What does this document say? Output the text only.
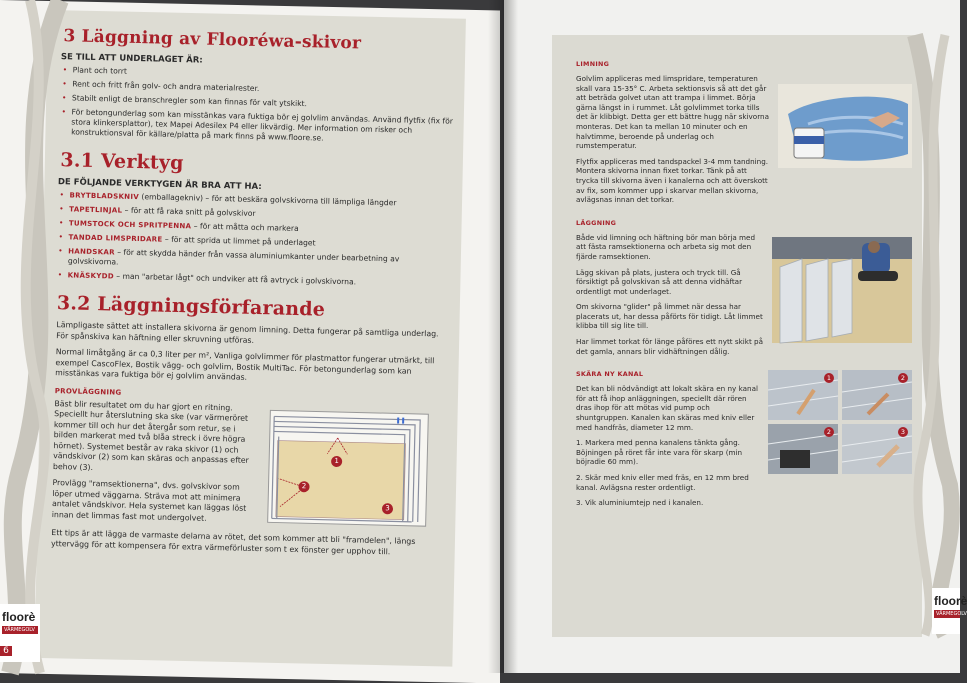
3 Läggning av Flooréwa-skivor
SE TILL ATT UNDERLAGET ÄR:
• Plant och torrt
• Rent och fritt från golv- och andra materialrester.
• Stabilt enligt de branschregler som kan finnas för valt ytskikt.
• För betongunderlag som kan misstänkas vara fuktiga bör ej golvlim användas. Använd flytfix (fix för stora klinkersplattor), tex Mapei Adesilex P4 eller likvärdig. Mer information om risker och konstruktionsval för källare/platta på mark finns på www.floore.se.
3.1 Verktyg
DE FÖLJANDE VERKTYGEN ÄR BRA ATT HA:
• BRYTBLADSKNIV (emballagekniv) – för att beskära golvskivorna till lämpliga längder
• TAPETLINJAL – för att få raka snitt på golvskivor
• TUMSTOCK OCH SPRITPENNA – för att måtta och markera
• TANDAD LIMSPRIDARE – för att sprida ut limmet på underlaget
• HANDSKAR – för att skydda händer från vassa aluminiumkanter under bearbetning av golvskivorna.
• KNÄSKYDD – man "arbetar lågt" och undviker att få avtryck i golvskivorna.
3.2 Läggningsförfarande
Lämpligaste sättet att installera skivorna är genom limning. Detta fungerar på samtliga underlag. För spånskiva kan häftning eller skruvning utföras.
Normal limåtgång är ca 0,3 liter per m², Vanliga golvlimmer för plastmattor fungerar utmärkt, till exempel CascoFlex, Bostik vägg- och golvlim, Bostik MultiTac. För betongunderlag som kan misstänkas vara fuktiga bör ej golvlim användas.
PROVLÄGGNING

Bäst blir resultatet om du har gjort en ritning. Speciellt hur återslutning ska ske (var värmeröret kommer till och hur det återgår som retur, se i bilden markerat med två blåa streck i övre högra hörnet). Systemet består av raka skivor (1) och vändskivor (2) som kan skäras och anpassas efter behov (3).

Provlägg "ramsektionerna", dvs. golvskivor som löper utmed väggarna. Sträva mot att minimera antalet vändskivor. Hela systemet kan läggas löst innan det limmas fast mot undergolvet.

1
2
3
Ett tips är att lägga de varmaste delarna av rötet, det som kommer att bli "framdelen", längs yttervägg för att kompensera för extra värmeförluster som t ex fönster ger upphov till.
floorè
VÄRMEGOLV
6
LIMNING

Golvlim appliceras med limspridare, temperaturen skall vara 15-35° C. Arbeta sektionsvis så att det går att beträda golvet utan att trampa i limmet. Börja gärna längst in i rummet. Låt golvlimmet torka tills det är klibbigt. Detta ger ett bättre hugg när skivorna monteras. Det kan ta mellan 10 minuter och en halvtimme, beroende på underlag och rumstemperatur.

Flytfix appliceras med tandspackel 3-4 mm tandning. Montera skivorna innan fixet torkar. Tänk på att trycka till skivorna även i kanalerna och att överskott av fix, som kommer upp i skarvar mellan skivorna, avlägsnas innan det torkar.

LÄGGNING

Både vid limning och häftning bör man börja med att fästa ramsektionerna och arbeta sig mot den fjärde ramsektionen.

Lägg skivan på plats, justera och tryck till. Gå försiktigt på golvskivan så att denna vidhäftar ordentligt mot underlaget.

Om skivorna "glider" på limmet när dessa har placerats ut, har dessa påförts för tidigt. Låt limmet klibba till sig lite till.

Har limmet torkat för länge påföres ett nytt skikt på det gamla, annars blir vidhäftningen dålig.

SKÄRA NY KANAL

Det kan bli nödvändigt att lokalt skära en ny kanal för att få ihop anläggningen, speciellt där rören dras ihop för att mötas vid pump och shuntgruppen. Kanalen kan skäras med kniv eller med handfräs, diameter 12 mm.

1. Markera med penna kanalens tänkta gång. Böjningen på röret får inte vara för skarp (min böjradie 60 mm).

2. Skär med kniv eller med fräs, en 12 mm bred kanal. Avlägsna rester ordentligt.

3. Vik aluminiumtejp ned i kanalen.

1	2
2	3
floorè
VÄRMEGOLV
